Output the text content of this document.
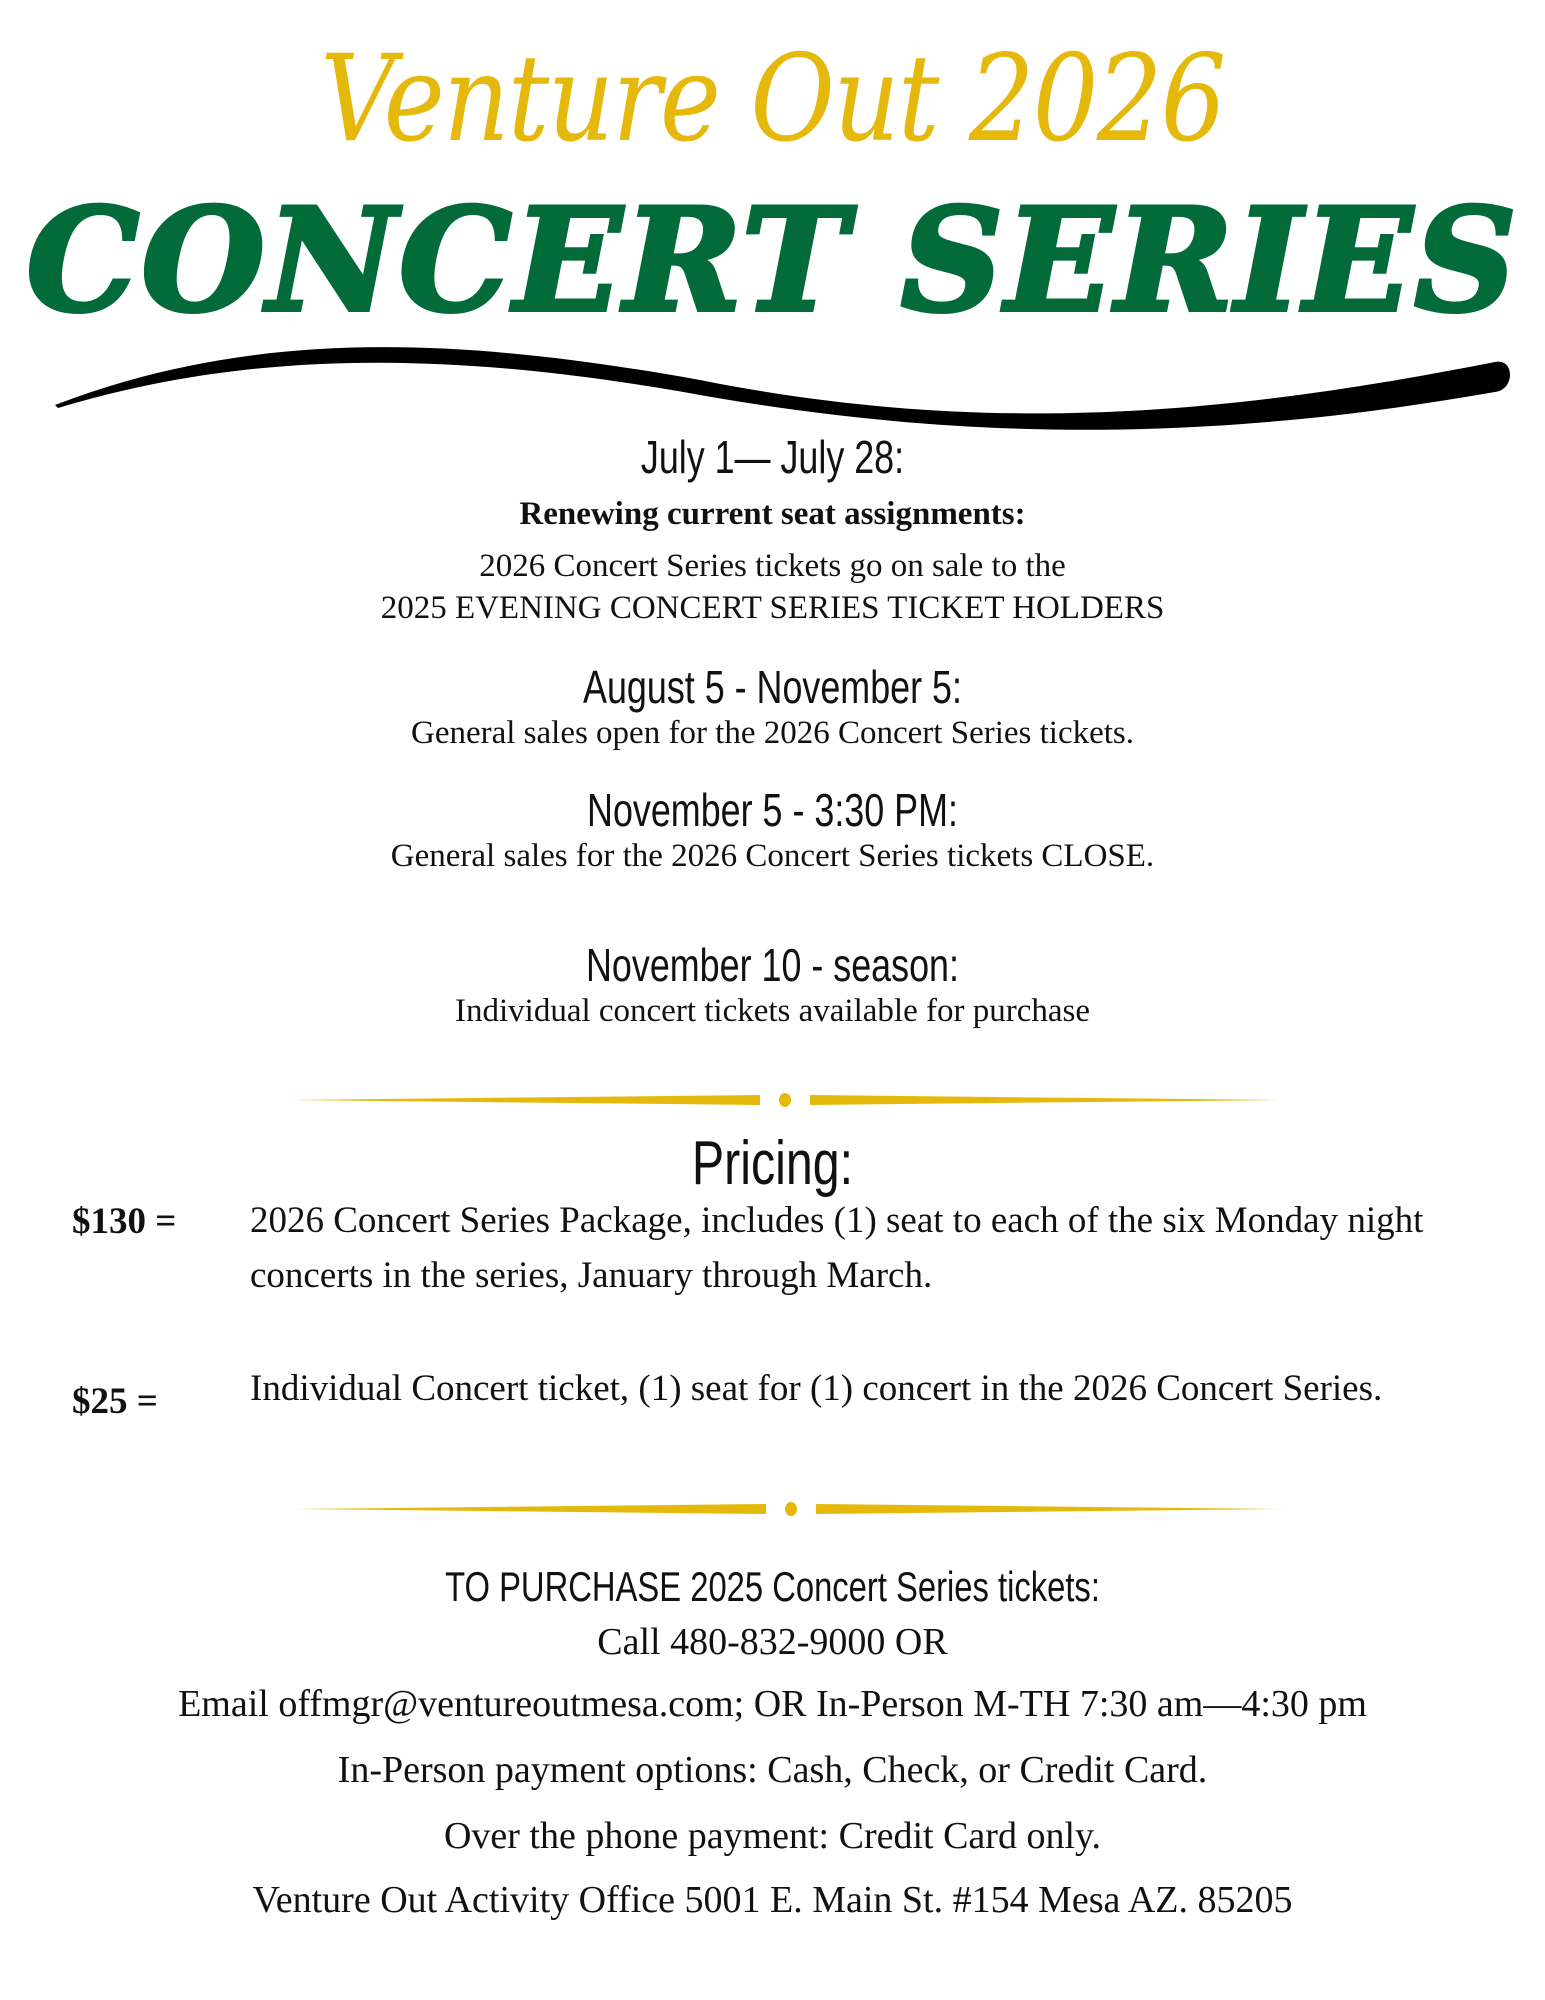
Venture Out 2026
CONCERT SERIES
July 1— July 28:
Renewing current seat assignments:
2026 Concert Series tickets go on sale to the
2025 EVENING CONCERT SERIES TICKET HOLDERS
August 5 - November 5:
General sales open for the 2026 Concert Series tickets.
November 5 - 3:30 PM:
General sales for the 2026 Concert Series tickets CLOSE.
November 10 - season:
Individual concert tickets available for purchase
Pricing:
$130 = 2026 Concert Series Package, includes (1) seat to each of the six Monday night concerts in the series, January through March.
$25 = Individual Concert ticket, (1) seat for (1) concert in the 2026 Concert Series.
TO PURCHASE 2025 Concert Series tickets:
Call 480-832-9000 OR
Email offmgr@ventureoutmesa.com; OR In-Person M-TH 7:30 am—4:30 pm
In-Person payment options: Cash, Check, or Credit Card.
Over the phone payment: Credit Card only.
Venture Out Activity Office 5001 E. Main St. #154 Mesa AZ. 85205
